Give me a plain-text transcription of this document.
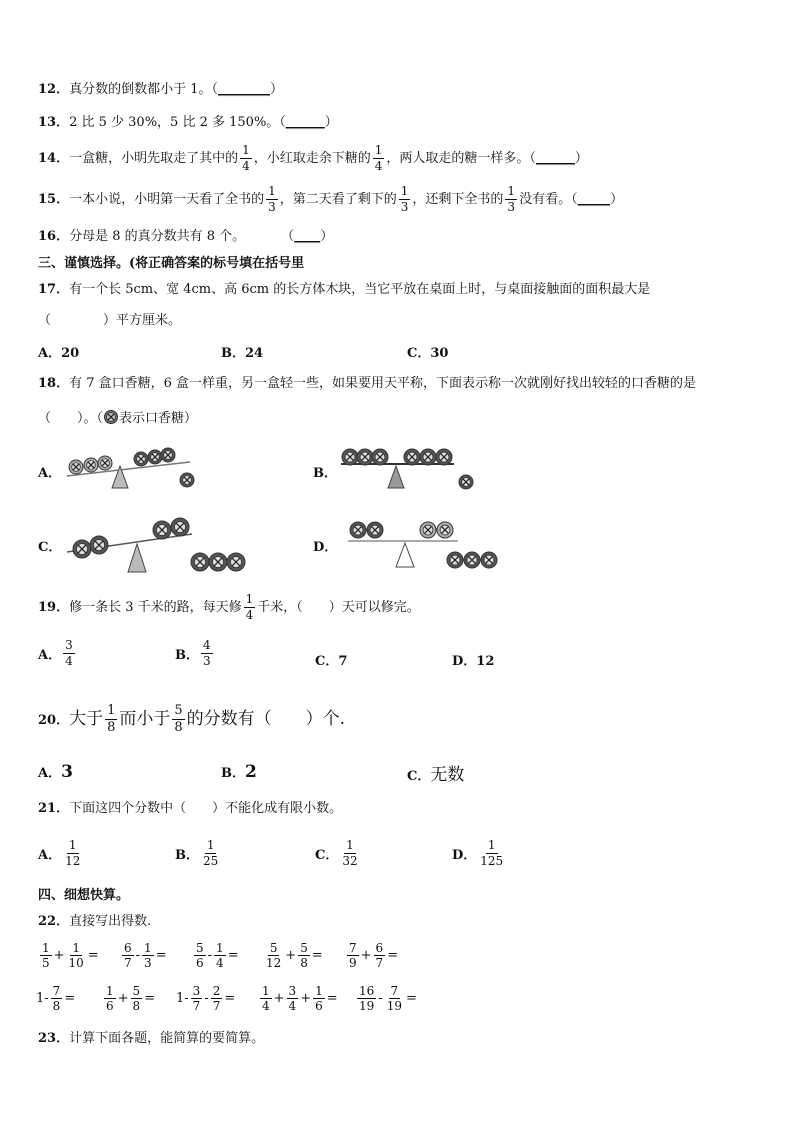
12．真分数的倒数都小于 1。（________）
13．2 比 5 少 30%，5 比 2 多 150%。（______）
14．一盒糖，小明先取走了其中的 $\frac{1}{4}$ ，小红取走余下糖的 $\frac{1}{4}$ ，两人取走的糖一样多。（______）
15．一本小说，小明第一天看了全书的 $\frac{1}{3}$ ，第二天看了剩下的 $\frac{1}{3}$ ，还剩下全书的 $\frac{1}{3}$ 没有看。（_____）
16．分母是 8 的真分数共有 8 个。	（____）
三、谨慎选择。(将正确答案的标号填在括号里
17．有一个长 5cm、宽 4cm、高 6cm 的长方体木块，当它平放在桌面上时，与桌面接触面的面积最大是
（　　　　）平方厘米。
A．20	B．24	C．30
18．有 7 盒口香糖，6 盒一样重，另一盒轻一些，如果要用天平称，下面表示称一次就刚好找出较轻的口香糖的是
（　　）。（ 表示口香糖）
A．	B．
C．	D．
19．修一条长 3 千米的路，每天修 $\frac{1}{4}$ 千米，（　　）天可以修完。
A． $\frac{3}{4}$	B． $\frac{4}{3}$	C．7	D．12
20．大于 $\frac{1}{8}$ 而小于 $\frac{5}{8}$ 的分数有（　　）个.
A．3	B．2	C．无数
21．下面这四个分数中（　　）不能化成有限小数。
A． $\frac{1}{12}$	B． $\frac{1}{25}$	C． $\frac{1}{32}$	D． $\frac{1}{125}$
四、细想快算。
22．直接写出得数.
$\frac{1}{5} + \frac{1}{10} = \frac{6}{7} - \frac{1}{3} = \frac{5}{6} - \frac{1}{4} = \frac{5}{12} + \frac{5}{8} = \frac{7}{9} + \frac{6}{7}$ =
$1- \frac{7}{8} = \frac{1}{6} + \frac{5}{8} = 1- \frac{3}{7} - \frac{2}{7} = \frac{1}{4} + \frac{3}{4} + \frac{1}{6} = \frac{16}{19} - \frac{7}{19}$ =
23．计算下面各题，能简算的要简算。
